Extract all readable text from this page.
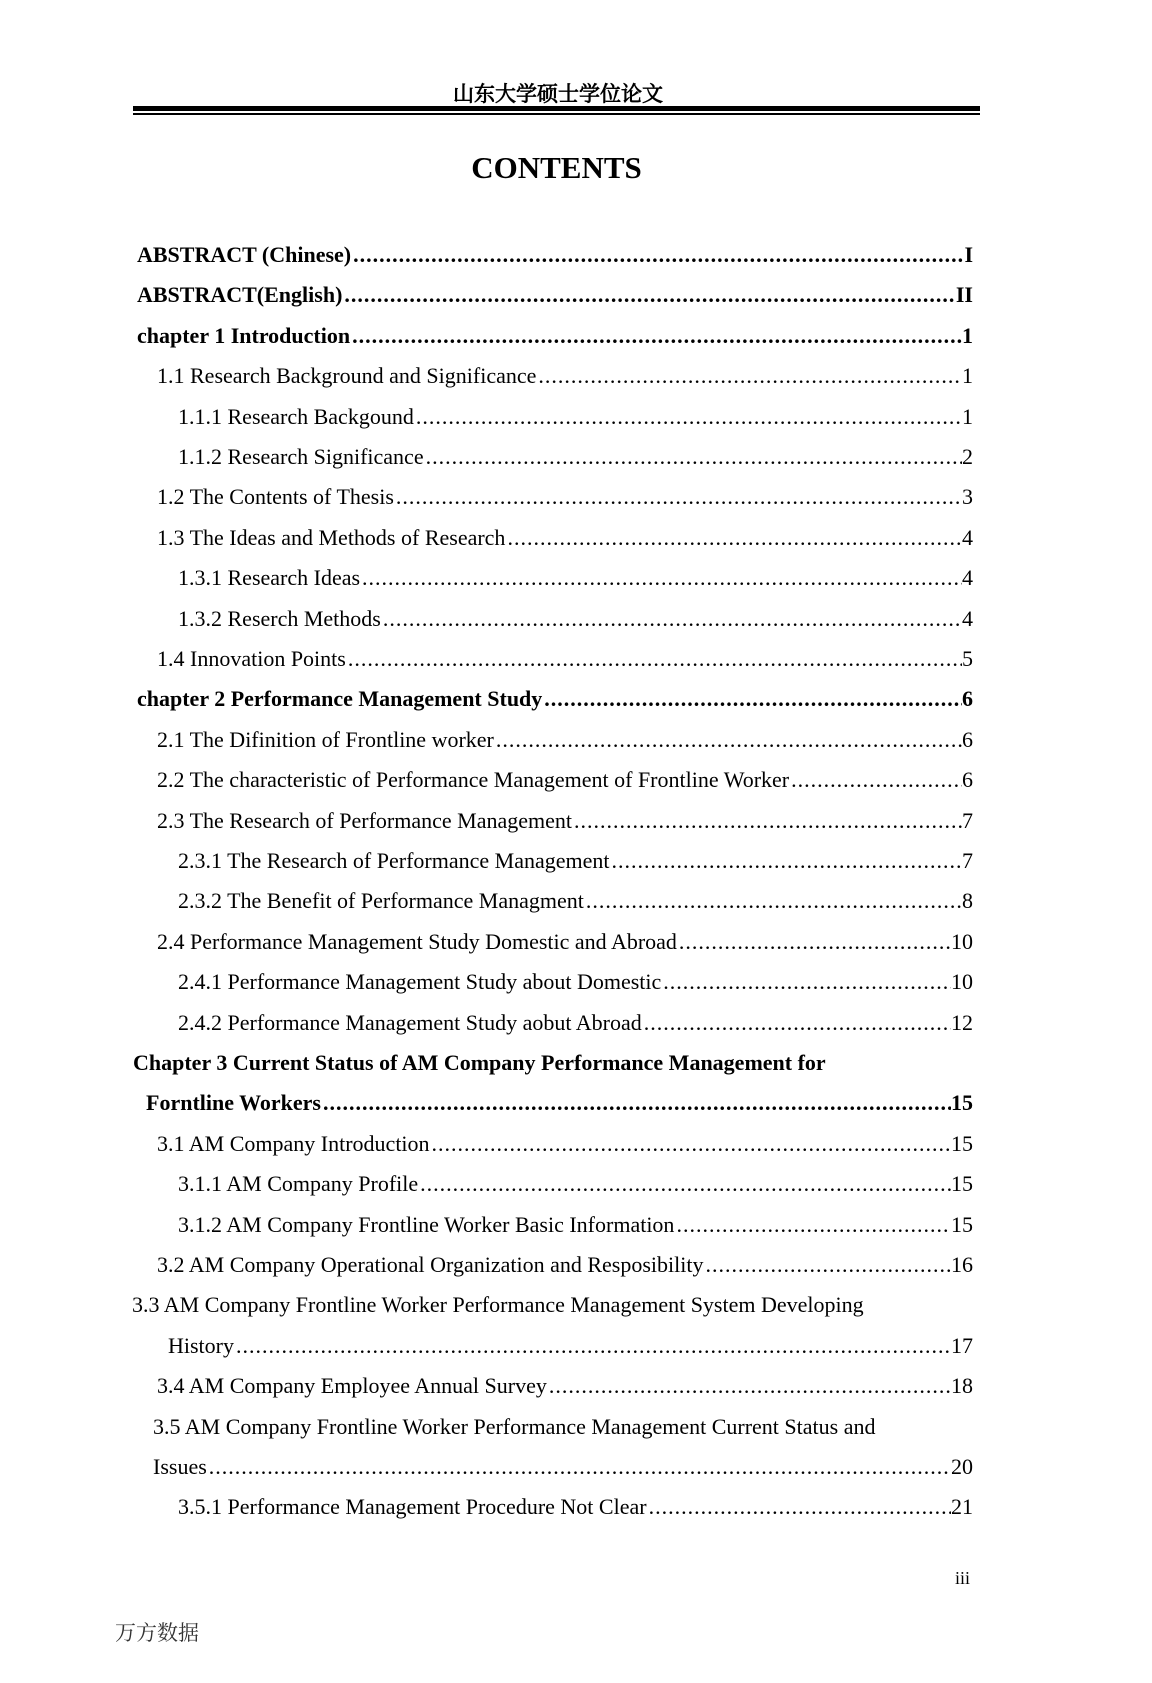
山东大学硕士学位论文
CONTENTS
ABSTRACT (Chinese) .....	I
ABSTRACT(English) .....	II
chapter 1 Introduction .....	1
1.1 Research Background and Significance .....	1
1.1.1 Research Backgound .....	1
1.1.2 Research Significance .....	2
1.2 The Contents of Thesis .....	3
1.3 The Ideas and Methods of Research .....	4
1.3.1 Research Ideas .....	4
1.3.2 Reserch Methods .....	4
1.4 Innovation Points .....	5
chapter 2 Performance Management Study .....	6
2.1 The Difinition of Frontline worker .....	6
2.2 The characteristic of Performance Management of Frontline Worker .....	6
2.3 The Research of Performance Management .....	7
2.3.1 The Research of Performance Management .....	7
2.3.2 The Benefit of Performance Managment .....	8
2.4 Performance Management Study Domestic and Abroad .....	10
2.4.1 Performance Management Study about Domestic .....	10
2.4.2 Performance Management Study aobut Abroad .....	12
Chapter 3 Current Status of AM Company Performance Management for
Forntline Workers .....	15
3.1 AM Company Introduction .....	15
3.1.1 AM Company Profile .....	15
3.1.2 AM Company Frontline Worker Basic Information .....	15
3.2 AM Company Operational Organization and Resposibility .....	16
3.3 AM Company Frontline Worker Performance Management System Developing
History .....	17
3.4 AM Company Employee Annual Survey .....	18
3.5 AM Company Frontline Worker Performance Management Current Status and
Issues .....	20
3.5.1 Performance Management Procedure Not Clear .....	21
iii
万方数据
